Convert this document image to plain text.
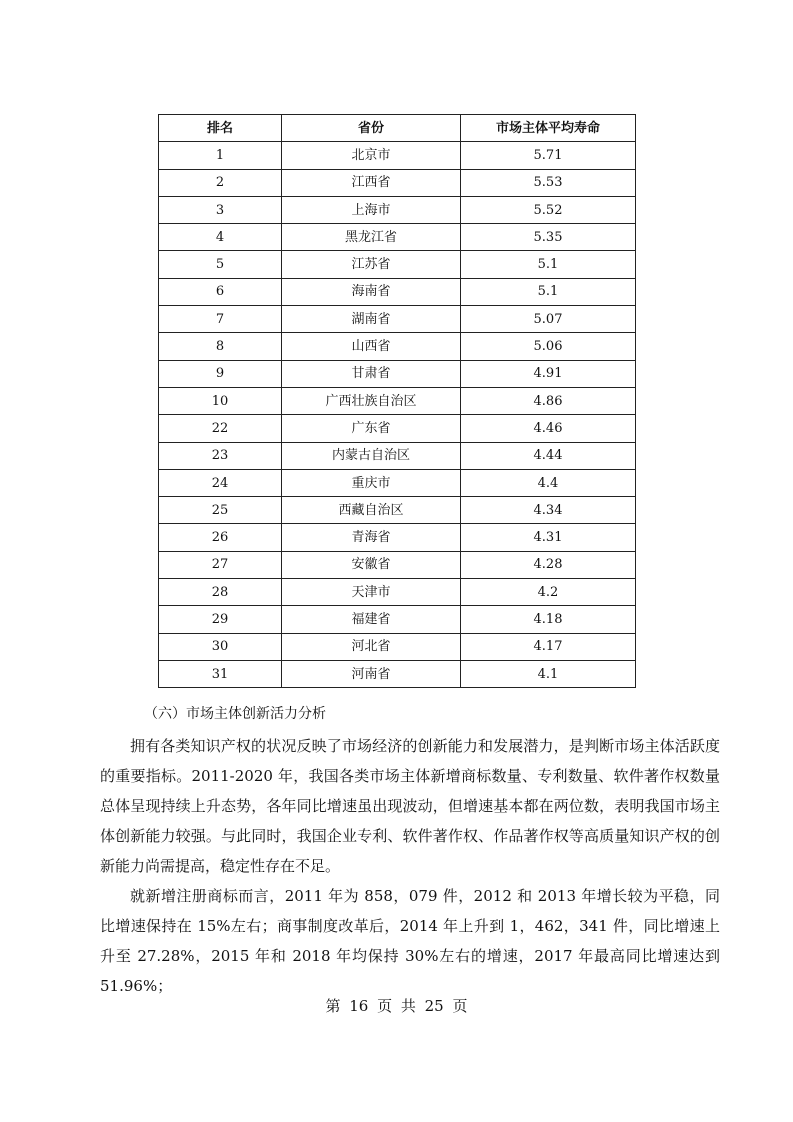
排名	省份	市场主体平均寿命
1	北京市	5.71
2	江西省	5.53
3	上海市	5.52
4	黑龙江省	5.35
5	江苏省	5.1
6	海南省	5.1
7	湖南省	5.07
8	山西省	5.06
9	甘肃省	4.91
10	广西壮族自治区	4.86
22	广东省	4.46
23	内蒙古自治区	4.44
24	重庆市	4.4
25	西藏自治区	4.34
26	青海省	4.31
27	安徽省	4.28
28	天津市	4.2
29	福建省	4.18
30	河北省	4.17
31	河南省	4.1

（六）市场主体创新活力分析

拥有各类知识产权的状况反映了市场经济的创新能力和发展潜力，是判断市场主体活跃度的重要指标。2011-2020 年，我国各类市场主体新增商标数量、专利数量、软件著作权数量总体呈现持续上升态势，各年同比增速虽出现波动，但增速基本都在两位数，表明我国市场主体创新能力较强。与此同时，我国企业专利、软件著作权、作品著作权等高质量知识产权的创新能力尚需提高，稳定性存在不足。

就新增注册商标而言，2011 年为 858，079 件，2012 和 2013 年增长较为平稳，同比增速保持在 15%左右；商事制度改革后，2014 年上升到 1，462，341 件，同比增速上升至 27.28%，2015 年和 2018 年均保持 30%左右的增速，2017 年最高同比增速达到 51.96%；

第 16 页 共 25 页
